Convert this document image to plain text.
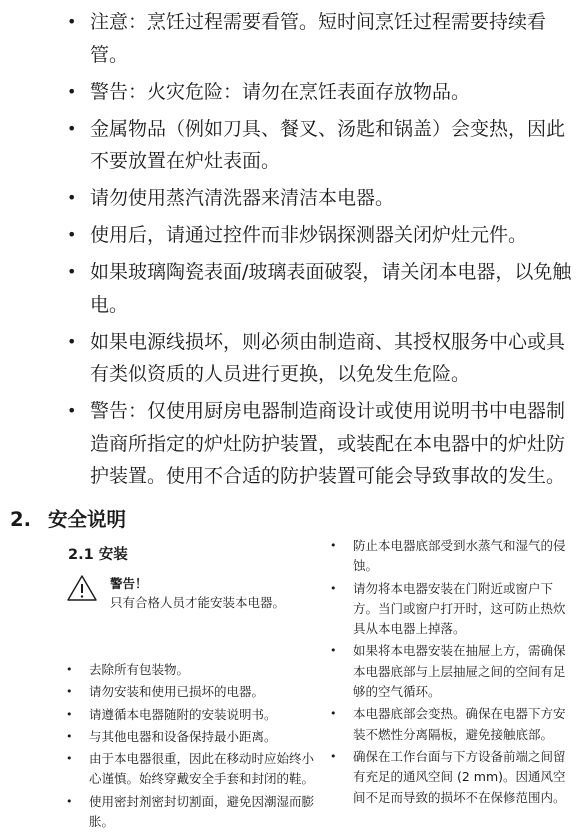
• 注意：烹饪过程需要看管。短时间烹饪过程需要持续看管。
• 警告：火灾危险：请勿在烹饪表面存放物品。
• 金属物品（例如刀具、餐叉、汤匙和锅盖）会变热，因此不要放置在炉灶表面。
• 请勿使用蒸汽清洗器来清洁本电器。
• 使用后，请通过控件而非炒锅探测器关闭炉灶元件。
• 如果玻璃陶瓷表面/玻璃表面破裂，请关闭本电器，以免触电。
• 如果电源线损坏，则必须由制造商、其授权服务中心或具有类似资质的人员进行更换，以免发生危险。
• 警告：仅使用厨房电器制造商设计或使用说明书中电器制造商所指定的炉灶防护装置，或装配在本电器中的炉灶防护装置。使用不合适的防护装置可能会导致事故的发生。
2. 安全说明
2.1 安装
警告！
只有合格人员才能安装本电器。
• 去除所有包装物。
• 请勿安装和使用已损坏的电器。
• 请遵循本电器随附的安装说明书。
• 与其他电器和设备保持最小距离。
• 由于本电器很重，因此在移动时应始终小心谨慎。始终穿戴安全手套和封闭的鞋。
• 使用密封剂密封切割面，避免因潮湿而膨胀。
• 防止本电器底部受到水蒸气和湿气的侵蚀。
• 请勿将本电器安装在门附近或窗户下方。当门或窗户打开时，这可防止热炊具从本电器上掉落。
• 如果将本电器安装在抽屉上方，需确保本电器底部与上层抽屉之间的空间有足够的空气循环。
• 本电器底部会变热。确保在电器下方安装不燃性分离隔板，避免接触底部。
• 确保在工作台面与下方设备前端之间留有充足的通风空间 (2 mm)。因通风空间不足而导致的损坏不在保修范围内。
